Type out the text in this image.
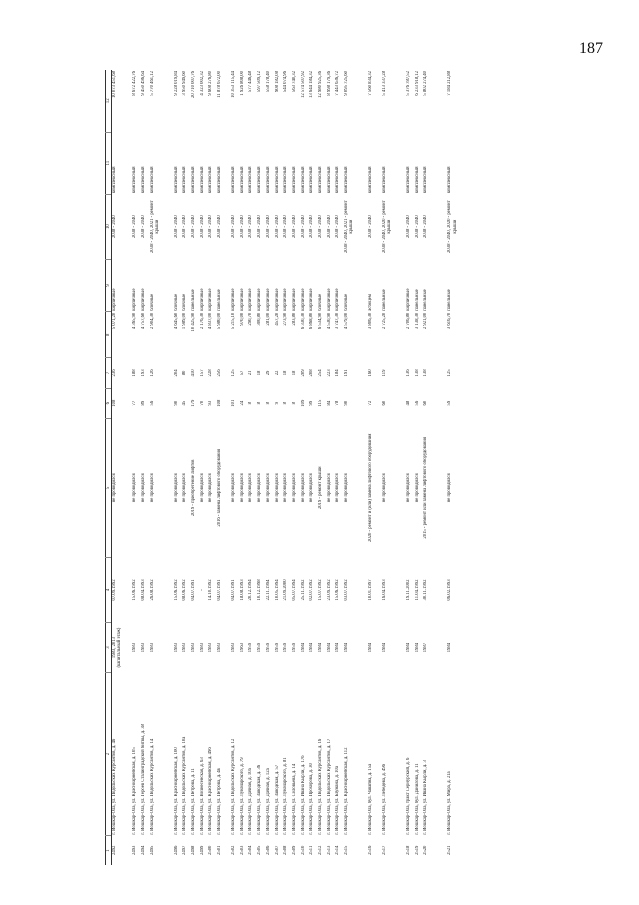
187
1	2	3	4	5	6	7	8	9	10	11	12
2492	г. Йошкар-Ола, ул. Подольских Курсантов, д. 4б	1983, 2013 (капитальный этаж)	07.09.1992	не проводился	108	236	5 071,20	кирпичные	2038 - 2040	комплексный	10 073 451,68

2493	г. Йошкар-Ола, ул. Красноармейская, д. 105	1983	15.06.1992	не проводился	77	188	4 365,90	кирпичные	2038 - 2040	комплексный	8 672 422,76
2494	г. Йошкар-Ола, ул. Героев Сталинградской битвы, д. 38	1983	08.04.1993	не проводился	89	193	4 757,60	кирпичные	2038 - 2040	комплексный	9 450 496,64
2495	г. Йошкар-Ола, ул. Подольских Курсантов, д. 14	1983	26.08.1992	не проводился	56	126	2 904,30	блочные	2038 - 2040, 2021 - ремонт крыши	комплексный	5 770 461,12

2496	г. Йошкар-Ола, ул. Красноармейская, д. 100	1983	15.06.1992	не проводился	90	204	4 645,60	блочные	2038 - 2040	комплексный	9 228 019,84
2497	г. Йошкар-Ола, ул. Подольских Курсантов, д. 10а	1983	08.06.1992	не проводился	45	80	1 989,00	блочные	2038 - 2040	комплексный	3 950 949,60
2498	г. Йошкар-Ола, ул. Петрова, д. 11	1983	04.07.1991	2019 - приобретение лифтов	179	410	10 425,90	панельные	2038 - 2040	комплексный	20 710 007,76
2499	г. Йошкар-Ола, ул. Вознесенская, д. 63	1983	-	не проводился	70	157	2 176,30	кирпичные	2038 - 2040	комплексный	4 323 002,32
2500	г. Йошкар-Ола, ул. Красноармейская, д. 49б	1983	14.10.1992	не проводился	93	228	4 837,00	кирпичные	2038 - 2040	комплексный	9 608 276,80
2501	г. Йошкар-Ола, ул. Петрова, д. 4в	1983	04.07.1991	2016 - замена лифтового оборудования	108	256	5 980,00	панельные	2038 - 2040	комплексный	11 878 672,00
2502	г. Йошкар-Ола, ул. Подольских Курсантов, д. 12	1983	04.07.1991	не проводился	101	125	5 215,10	кирпичные	2038 - 2040	комплексный	10 353 115,44
2503	г. Йошкар-Ола, ул. Луначарского, д. 79	1963	18.08.1993	не проводился	24	57	970,00	кирпичные	2038 - 2040	комплексный	1 926 808,00
2504	г. Йошкар-Ола, ул. Дачная, д. 10а	1959	20.12.1994	не проводился	8	21	290,70	кирпичные	2038 - 2040	комплексный	577 446,48
2505	г. Йошкар-Ола, ул. Заводская, д. 36	1959	10.12.1998	не проводился	8	18	300,80	кирпичные	2038 - 2040	комплексный	597 509,12
2506	г. Йошкар-Ола, ул. Дачная, д. 12а	1959	22.11.1994	не проводился	8	29	281,00	кирпичные	2038 - 2040	комплексный	558 178,40
2507	г. Йошкар-Ола, ул. Заводская, д. 57	1959	10.05.1994	не проводился	9	22	457,20	кирпичные	2038 - 2040	комплексный	908 182,08
2508	г. Йошкар-Ола, ул. Луначарского, д. 81	1959	21.09.2000	не проводился	8	18	273,90	кирпичные	2038 - 2040	комплексный	544 074,96
2509	г. Йошкар-Ола, ул. Соловьева, д. 14	1959	05.07.1994	не проводился	8	18	283,80	кирпичные	2038 - 2040	комплексный	563 740,32
2510	г. Йошкар-Ола, ул. Ивана Кырли, д. 17б	1984	25.11.1992	не проводился	109	209	6 330,30	кирпичные	2038 - 2040	комплексный	12 574 507,92
2511	г. Йошкар-Ола, ул. Прохорова, д. 30	1984	02.07.1992	не проводился	99	208	6 868,80	кирпичные	2038 - 2040	комплексный	13 644 184,32
2512	г. Йошкар-Ола, ул. Подольских Курсантов, д. 16	1984	15.07.1992	2019 - ремонт крыши	115	254	6 534,90	блочные	2038 - 2040	комплексный	12 980 925,36
2513	г. Йошкар-Ола, ул. Подольских Курсантов, д. 17	1984	23.09.1992	не проводился	84	223	4 530,90	кирпичные	2038 - 2040	комплексный	8 998 179,36
2514	г. Йошкар-Ола, ул. Баумана, д. 10а	1984	15.06.1992	не проводился	78	184	3 747,30	кирпичные	2038 - 2040	комплексный	7 443 636,72
2515	г. Йошкар-Ола, ул. Красноармейская, д. 112	1984	03.07.1992	не проводился	90	191	4 579,00	блочные	2038 - 2040, 2021 - ремонт крыши	комплексный	9 095 725,60

2516	г. Йошкар-Ола, бул. Чавайна, д. 15а	1984	10.01.1997	2020 - ремонт и (или) замена лифтового оборудования	72	160	3 806,30	асбоцем	2038 - 2040	комплексный	7 560 834,32
2517	г. Йошкар-Ола, ул. Лебедева, д. 49б	1984	16.04.1993	не проводился	60	119	2 725,20	панельные	2038 - 2040, 2020 - ремонт крыши	комплексный	5 413 337,28

2518	г. Йошкар-Ола, тракт Сернурский, д. 6	1984	19.11.2002	не проводился	48	136	2 706,80	кирпичные	2038 - 2040	комплексный	5 376 787,52
2519	г. Йошкар-Ола, бул. Данилова, д. 11	1984	11.04.1992	не проводился	56	138	3 138,30	панельные	2038 - 2040	комплексный	6 233 918,12
2520	г. Йошкар-Ола, ул. Ивана Кырли, д. 3	1987	30.11.1992	2015 - ремонт или замена лифтового оборудования	60	138	2 921,00	панельные	2038 - 2040	комплексный	5 802 274,40

2521	г. Йошкар-Ола, ул. Мира, д. 21а	1984	06.02.1993	не проводился	59	125	3 616,70	панельные	2038 - 2040, 2020 - ремонт крыши	комплексный	7 184 212,88
